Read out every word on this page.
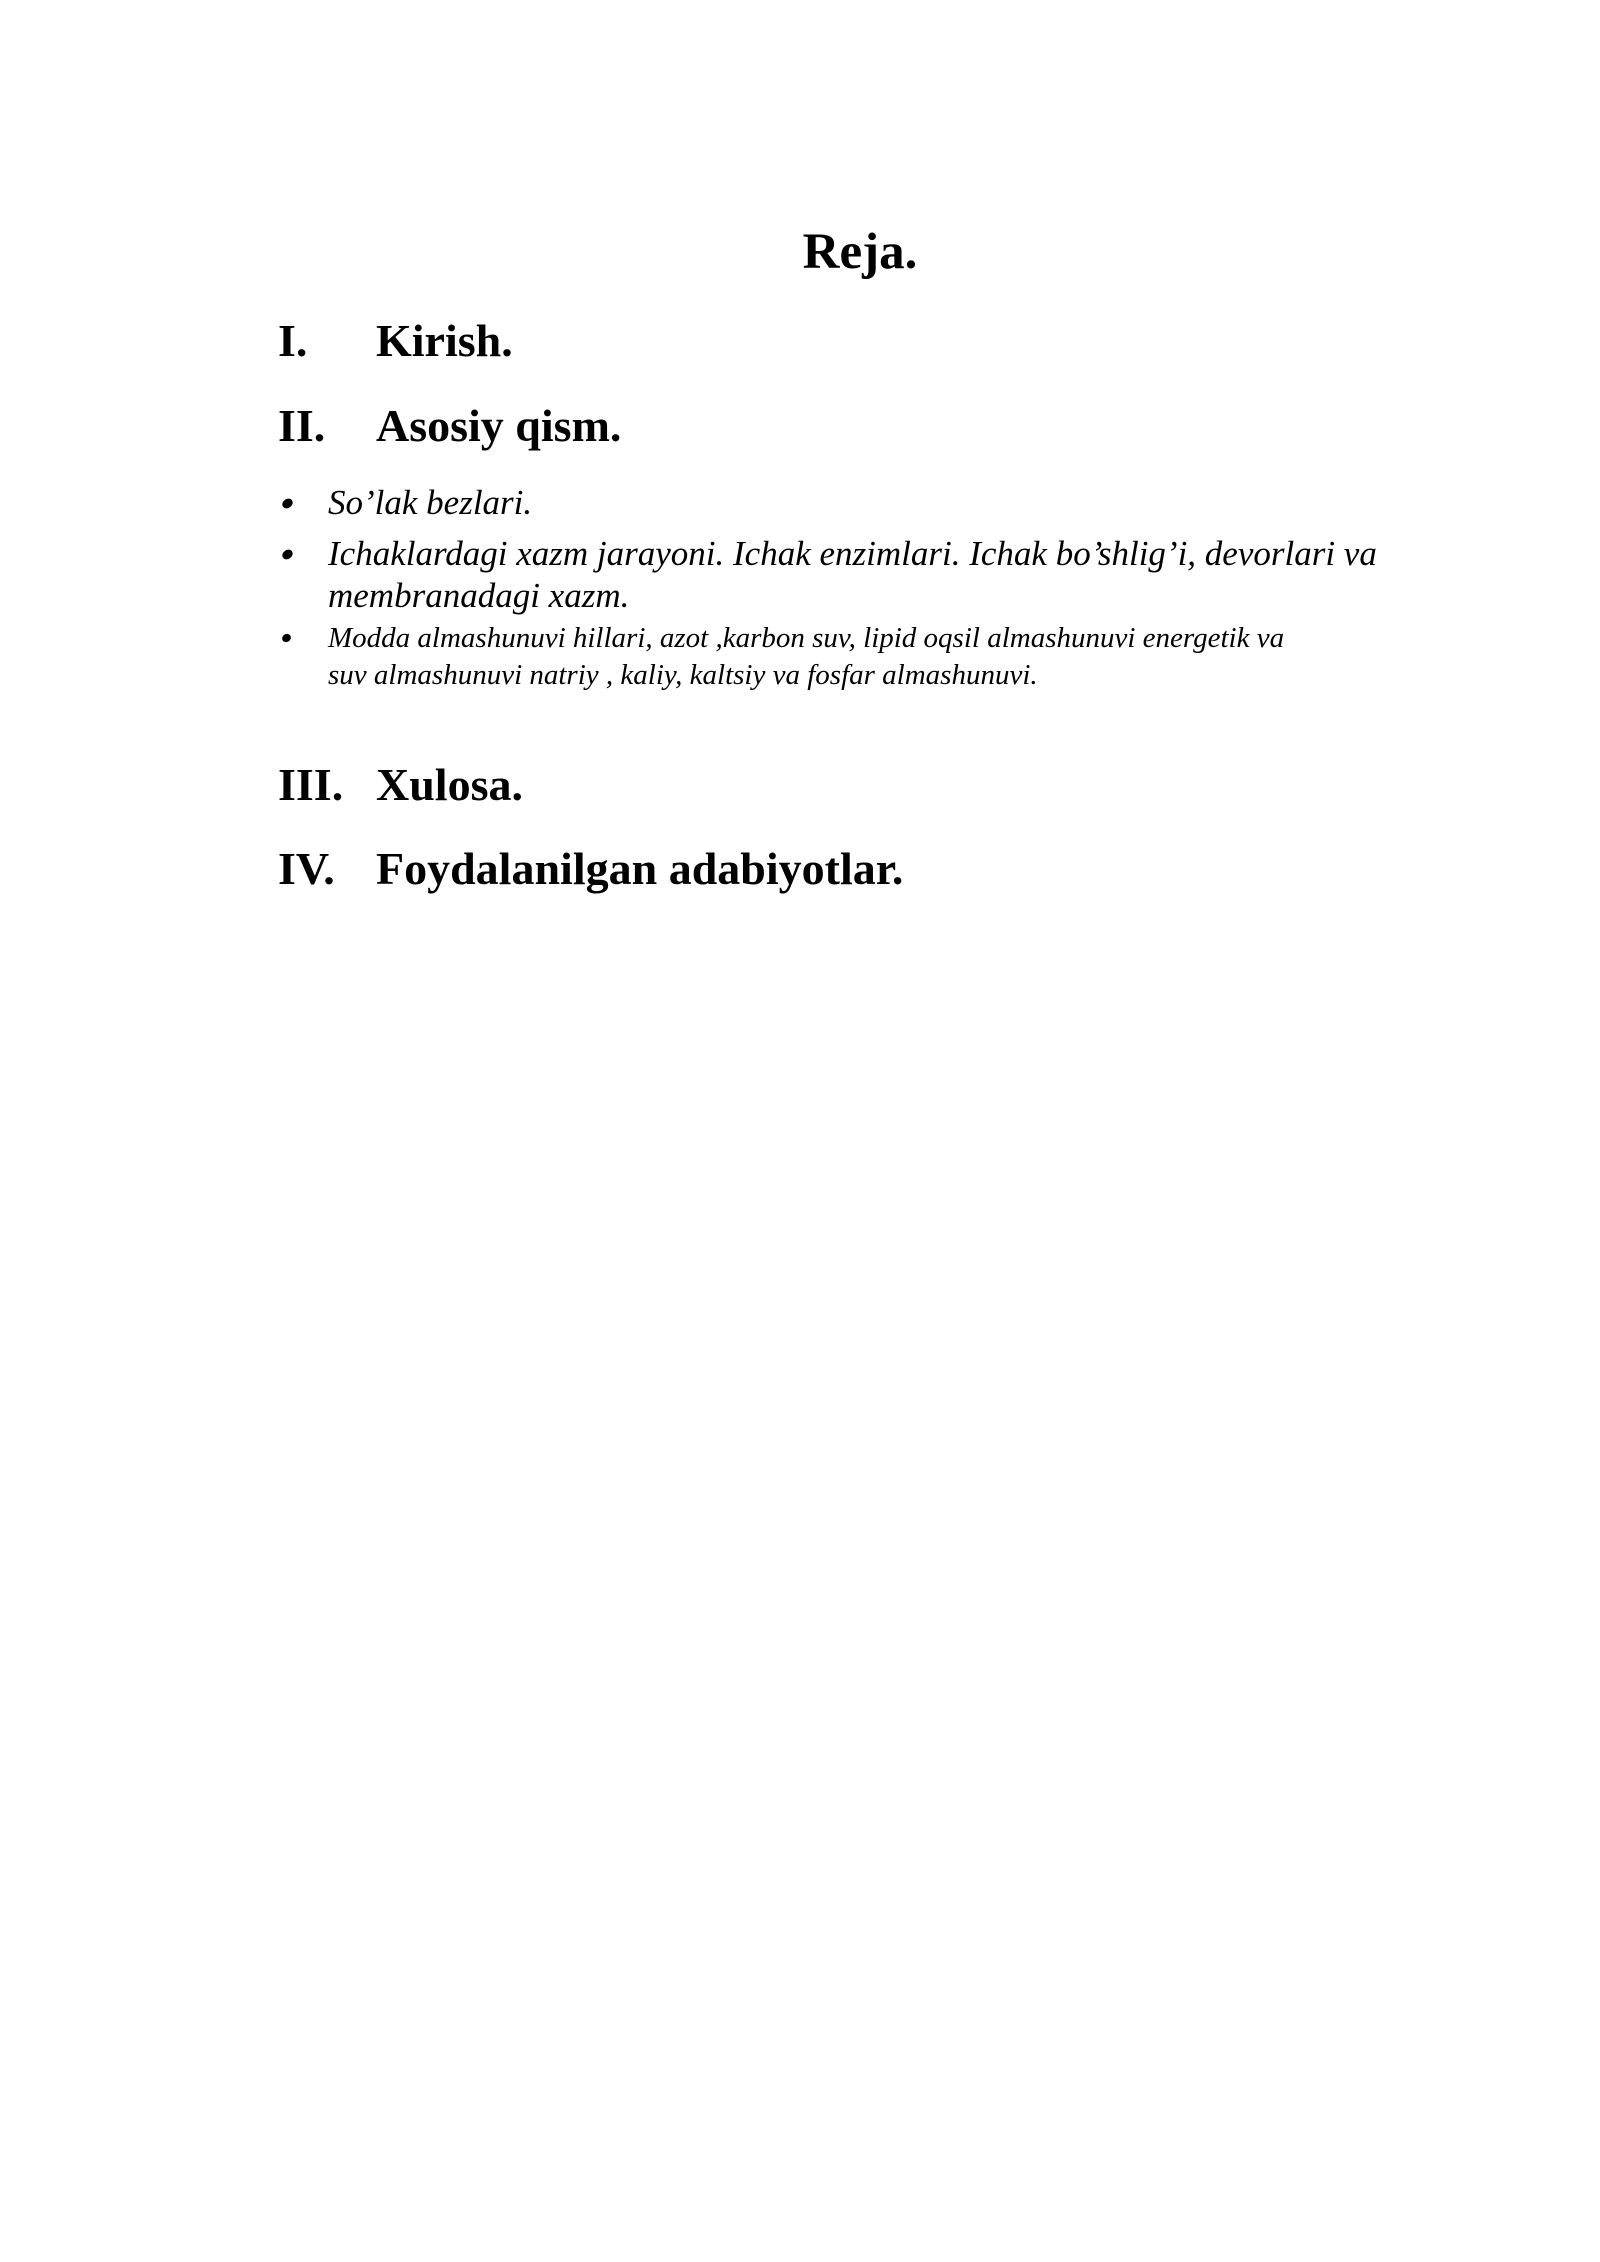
Reja.
I. Kirish.
II. Asosiy qism.
So’lak bezlari.
Ichaklardagi xazm jarayoni. Ichak enzimlari. Ichak bo’shlig’i, devorlari va
membranadagi xazm.
Modda almashunuvi hillari, azot ,karbon suv, lipid oqsil almashunuvi energetik va
suv almashunuvi natriy , kaliy, kaltsiy va fosfar almashunuvi.
III. Xulosa.
IV. Foydalanilgan adabiyotlar.
